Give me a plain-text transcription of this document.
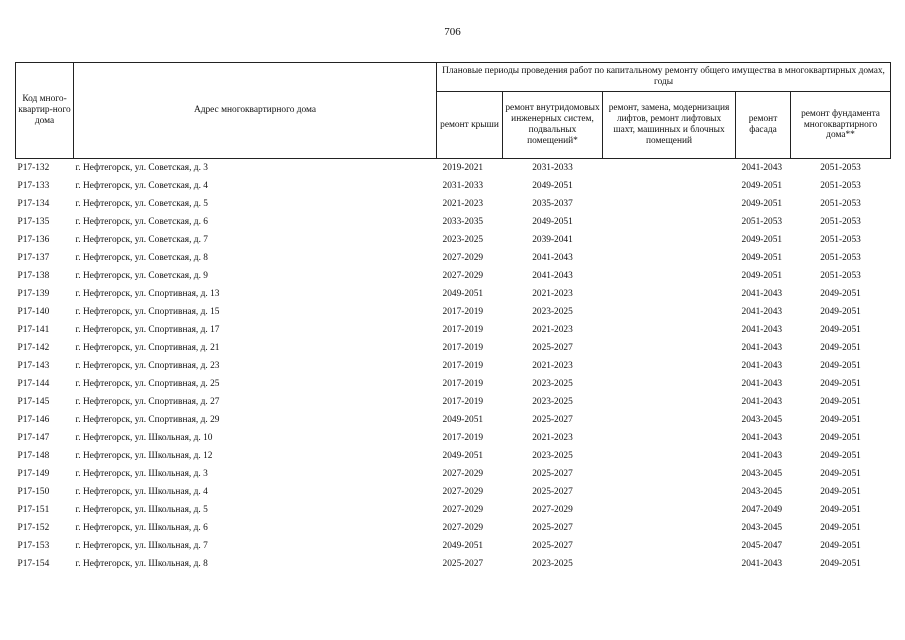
706
Код много-квартир-ного дома	Адрес многоквартирного дома	Плановые периоды проведения работ по капитальному ремонту общего имущества в многоквартирных домах, годы				
		ремонт крыши	ремонт внутридомовых инженерных систем, подвальных помещений*	ремонт, замена, модернизация лифтов, ремонт лифтовых шахт, машинных и блочных помещений	ремонт фасада	ремонт фундамента многоквартирного дома**
Р17-132	г. Нефтегорск, ул. Советская, д. 3	2019-2021	2031-2033		2041-2043	2051-2053
Р17-133	г. Нефтегорск, ул. Советская, д. 4	2031-2033	2049-2051		2049-2051	2051-2053
Р17-134	г. Нефтегорск, ул. Советская, д. 5	2021-2023	2035-2037		2049-2051	2051-2053
Р17-135	г. Нефтегорск, ул. Советская, д. 6	2033-2035	2049-2051		2051-2053	2051-2053
Р17-136	г. Нефтегорск, ул. Советская, д. 7	2023-2025	2039-2041		2049-2051	2051-2053
Р17-137	г. Нефтегорск, ул. Советская, д. 8	2027-2029	2041-2043		2049-2051	2051-2053
Р17-138	г. Нефтегорск, ул. Советская, д. 9	2027-2029	2041-2043		2049-2051	2051-2053
Р17-139	г. Нефтегорск, ул. Спортивная, д. 13	2049-2051	2021-2023		2041-2043	2049-2051
Р17-140	г. Нефтегорск, ул. Спортивная, д. 15	2017-2019	2023-2025		2041-2043	2049-2051
Р17-141	г. Нефтегорск, ул. Спортивная, д. 17	2017-2019	2021-2023		2041-2043	2049-2051
Р17-142	г. Нефтегорск, ул. Спортивная, д. 21	2017-2019	2025-2027		2041-2043	2049-2051
Р17-143	г. Нефтегорск, ул. Спортивная, д. 23	2017-2019	2021-2023		2041-2043	2049-2051
Р17-144	г. Нефтегорск, ул. Спортивная, д. 25	2017-2019	2023-2025		2041-2043	2049-2051
Р17-145	г. Нефтегорск, ул. Спортивная, д. 27	2017-2019	2023-2025		2041-2043	2049-2051
Р17-146	г. Нефтегорск, ул. Спортивная, д. 29	2049-2051	2025-2027		2043-2045	2049-2051
Р17-147	г. Нефтегорск, ул. Школьная, д. 10	2017-2019	2021-2023		2041-2043	2049-2051
Р17-148	г. Нефтегорск, ул. Школьная, д. 12	2049-2051	2023-2025		2041-2043	2049-2051
Р17-149	г. Нефтегорск, ул. Школьная, д. 3	2027-2029	2025-2027		2043-2045	2049-2051
Р17-150	г. Нефтегорск, ул. Школьная, д. 4	2027-2029	2025-2027		2043-2045	2049-2051
Р17-151	г. Нефтегорск, ул. Школьная, д. 5	2027-2029	2027-2029		2047-2049	2049-2051
Р17-152	г. Нефтегорск, ул. Школьная, д. 6	2027-2029	2025-2027		2043-2045	2049-2051
Р17-153	г. Нефтегорск, ул. Школьная, д. 7	2049-2051	2025-2027		2045-2047	2049-2051
Р17-154	г. Нефтегорск, ул. Школьная, д. 8	2025-2027	2023-2025		2041-2043	2049-2051
